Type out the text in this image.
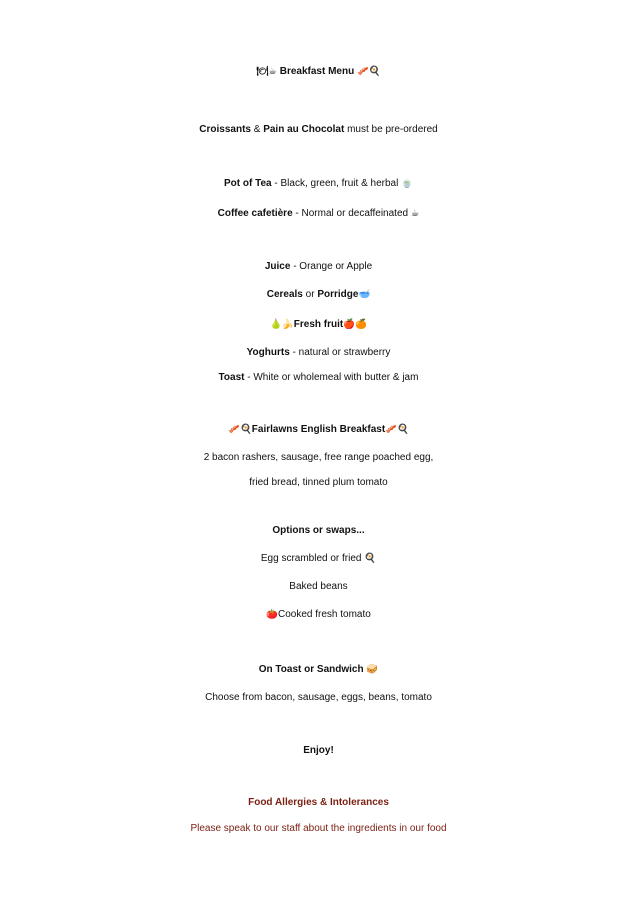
🍽☕ Breakfast Menu 🥓🍳
Croissants & Pain au Chocolat must be pre-ordered
Pot of Tea - Black, green, fruit & herbal 🍵
Coffee cafetière - Normal or decaffeinated ☕
Juice - Orange or Apple
Cereals or Porridge🥣
🍐🍌Fresh fruit🍎🍊
Yoghurts - natural or strawberry
Toast - White or wholemeal with butter & jam
🥓🍳Fairlawns English Breakfast🥓🍳
2 bacon rashers, sausage, free range poached egg,
fried bread, tinned plum tomato
Options or swaps...
Egg scrambled or fried 🍳
Baked beans
🍅Cooked fresh tomato
On Toast or Sandwich 🥪
Choose from bacon, sausage, eggs, beans, tomato
Enjoy!
Food Allergies & Intolerances
Please speak to our staff about the ingredients in our food
